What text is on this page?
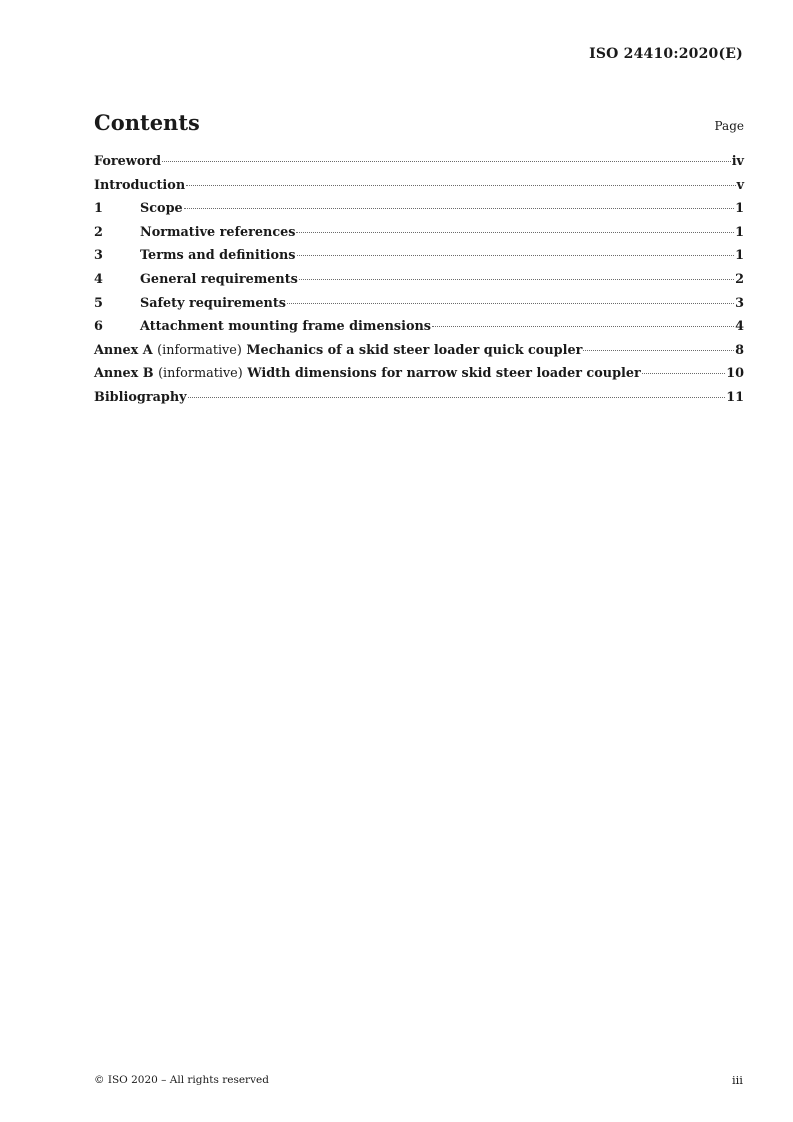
ISO 24410:2020(E)
Contents	Page
Foreword	iv
Introduction	v
1	Scope	1
2	Normative references	1
3	Terms and definitions	1
4	General requirements	2
5	Safety requirements	3
6	Attachment mounting frame dimensions	4
Annex A (informative) Mechanics of a skid steer loader quick coupler	8
Annex B (informative) Width dimensions for narrow skid steer loader coupler	10
Bibliography	11
© ISO 2020 – All rights reserved	iii
